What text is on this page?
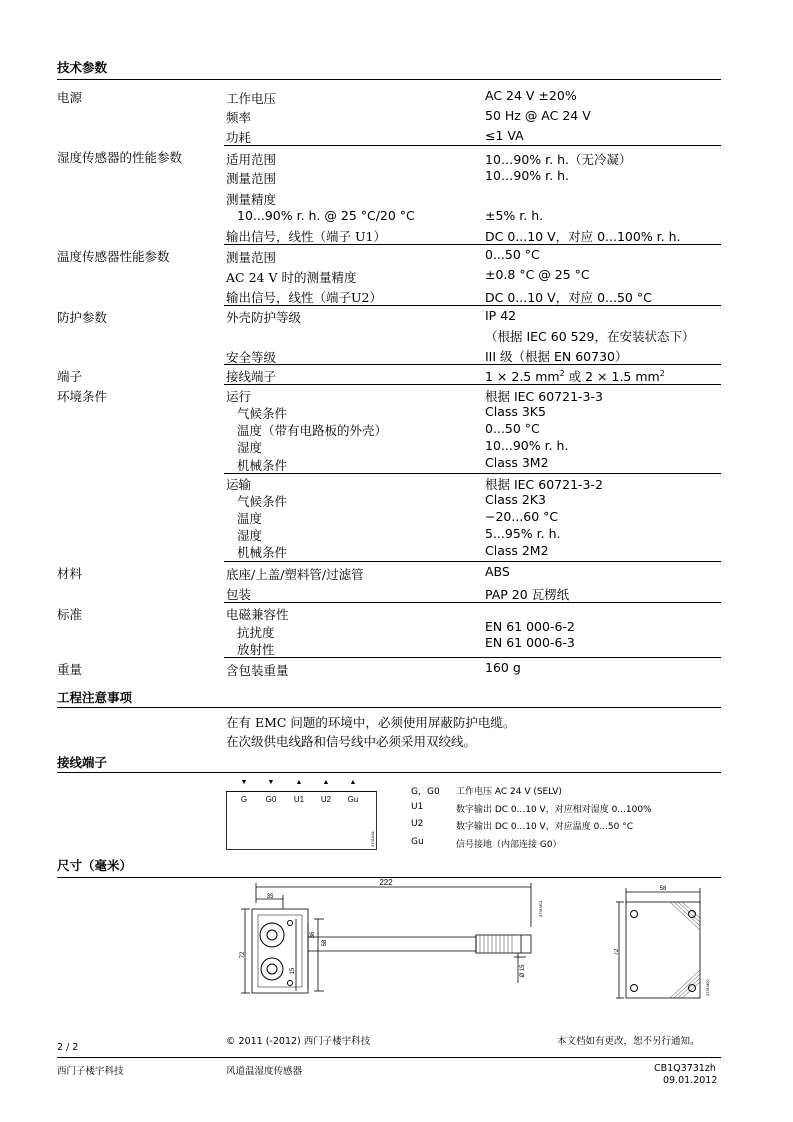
技术参数
电源	工作电压	AC 24 V ±20%
频率	50 Hz @ AC 24 V
功耗	≤1 VA
湿度传感器的性能参数	适用范围	10…90% r. h.（无冷凝）
测量范围	10…90% r. h.
测量精度
10...90% r. h. @ 25 °C/20 °C	±5% r. h.
输出信号，线性（端子 U1）	DC 0...10 V，对应 0...100% r. h.
温度传感器性能参数	测量范围	0...50 °C
AC 24 V 时的测量精度	±0.8 °C @ 25 °C
输出信号，线性（端子U2）	DC 0...10 V，对应 0...50 °C
防护参数	外壳防护等级	IP 42
（根据 IEC 60 529，在安装状态下）
安全等级	III 级（根据 EN 60730）
端子	接线端子	1 × 2.5 $mm^2$ 或 2 × 1.5 $mm^2$
环境条件	运行	根据 IEC 60721-3-3
气候条件	Class 3K5
温度（带有电路板的外壳）	0...50 °C
湿度	10...90% r. h.
机械条件	Class 3M2
运输	根据 IEC 60721-3-2
气候条件	Class 2K3
温度	−20...60 °C
湿度	5...95% r. h.
机械条件	Class 2M2
材料	底座/上盖/塑料管/过滤管	ABS
包装	PAP 20 瓦楞纸
标准	电磁兼容性
抗扰度	EN 61 000-6-2
放射性	EN 61 000-6-3
重量	含包装重量	160 g
工程注意事项
在有 EMC 问题的环境中，必须使用屏蔽防护电缆。
在次级供电线路和信号线中必须采用双绞线。
接线端子
▼	▼	▲	▲	▲
G G0 U1 U2 Gu
3731A01
G，G0 工作电压 AC 24 V (SELV)
U1	数字输出 DC 0...10 V，对应相对湿度 0...100%
U2	数字输出 DC 0...10 V，对应温度 0...50 °C
Gu	信号接地（内部连接 G0）
尺寸（毫米）
222
35
72
36
15
58
Ø 15
3731M01
58
72
3731M02
© 2011 (-2012) 西门子楼宇科技	本文档如有更改，恕不另行通知。
2 / 2
西门子楼宇科技	风道温湿度传感器	CB1Q3731zh
09.01.2012
